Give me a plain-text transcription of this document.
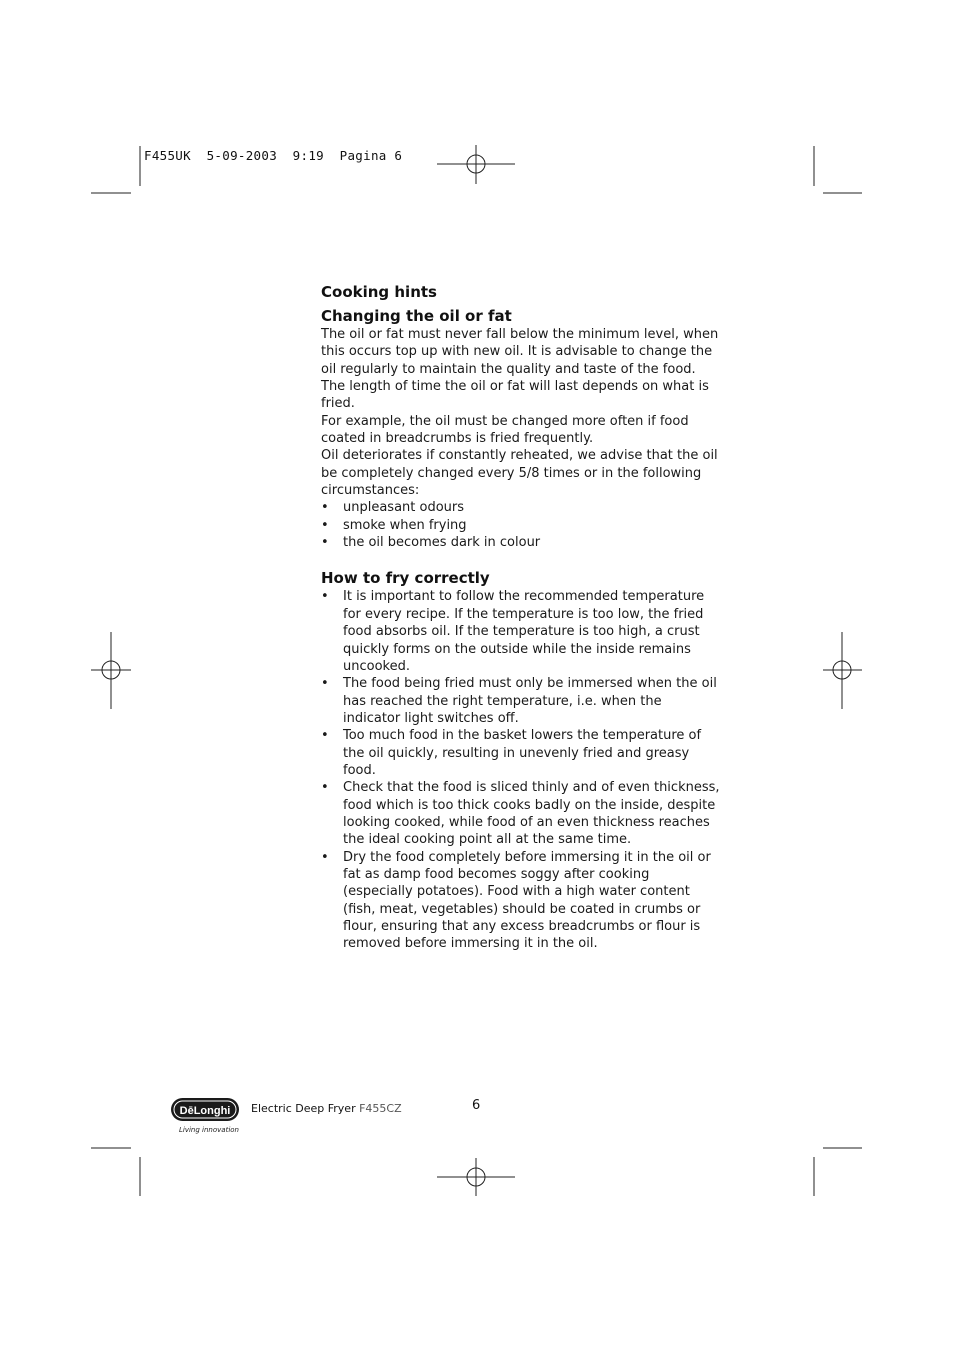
F455UK  5-09-2003  9:19  Pagina 6
Cooking hints
Changing the oil or fat

The oil or fat must never fall below the minimum level, when this occurs top up with new oil. It is advisable to change the oil regularly to maintain the quality and taste of the food. The length of time the oil or fat will last depends on what is fried.

For example, the oil must be changed more often if food coated in breadcrumbs is fried frequently.

Oil deteriorates if constantly reheated, we advise that the oil be completely changed every 5/8 times or in the following circumstances:

• unpleasant odours
• smoke when frying
• the oil becomes dark in colour
How to fry correctly
• It is important to follow the recommended temperature for every recipe. If the temperature is too low, the fried food absorbs oil. If the temperature is too high, a crust quickly forms on the outside while the inside remains uncooked.
• The food being fried must only be immersed when the oil has reached the right temperature, i.e. when the indicator light switches off.
• Too much food in the basket lowers the temperature of the oil quickly, resulting in unevenly fried and greasy food.
• Check that the food is sliced thinly and of even thickness, food which is too thick cooks badly on the inside, despite looking cooked, while food of an even thickness reaches the ideal cooking point all at the same time.
• Dry the food completely before immersing it in the oil or fat as damp food becomes soggy after cooking (especially potatoes). Food with a high water content (fish, meat, vegetables) should be coated in crumbs or flour, ensuring that any excess breadcrumbs or flour is removed before immersing it in the oil.
DēLonghi
Living innovation
Electric Deep Fryer F455CZ	6
